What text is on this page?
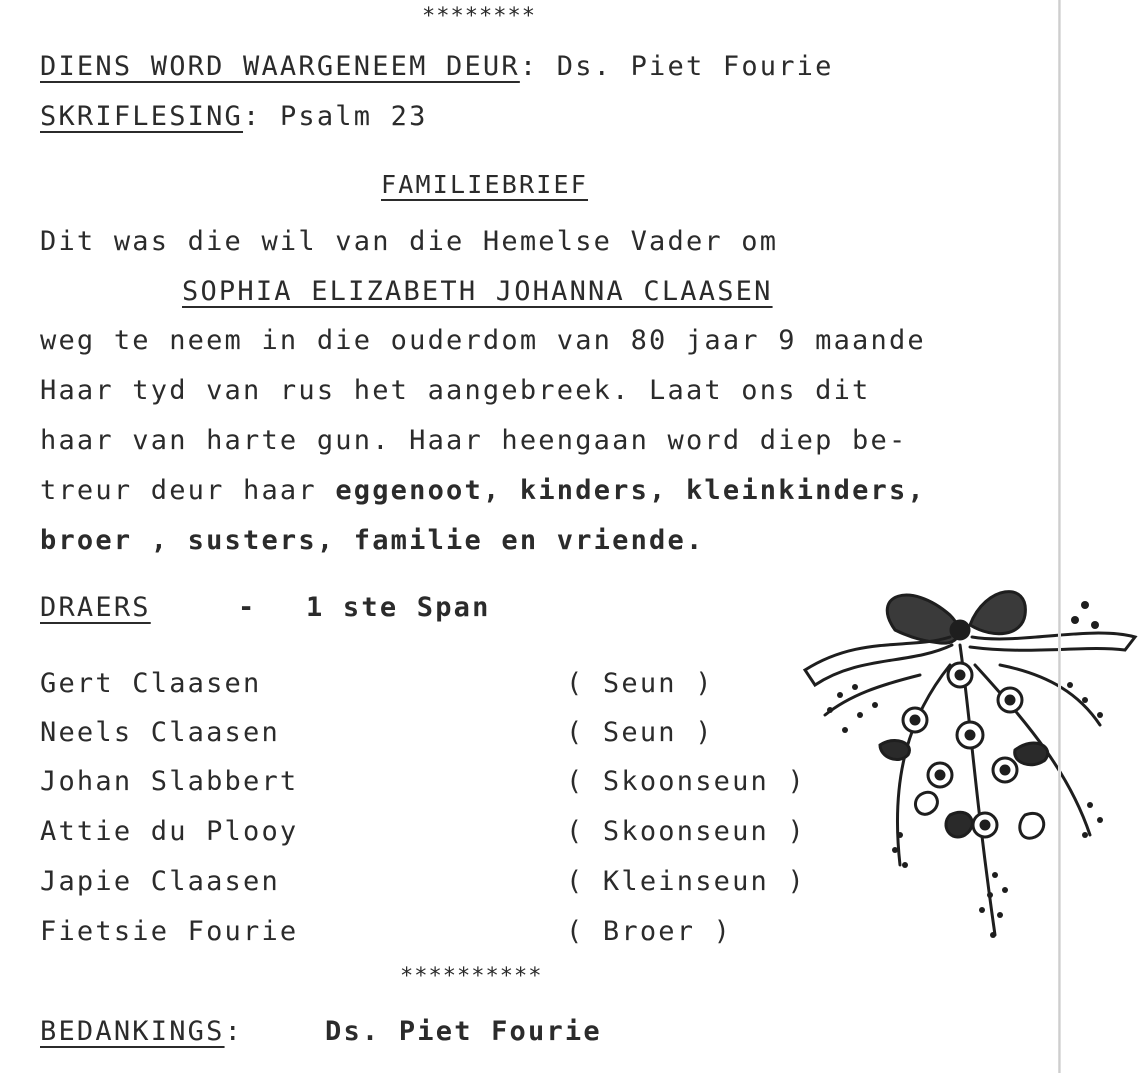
********
DIENS WORD WAARGENEEM DEUR: Ds. Piet Fourie
SKRIFLESING: Psalm 23
FAMILIEBRIEF
Dit was die wil van die Hemelse Vader om
SOPHIA ELIZABETH JOHANNA CLAASEN
weg te neem in die ouderdom van 80 jaar 9 maande
Haar tyd van rus het aangebreek. Laat ons dit
haar van harte gun. Haar heengaan word diep be-
treur deur haar eggenoot, kinders, kleinkinders,
broer , susters, familie en vriende.
DRAERS	- 1 ste Span
Gert Claasen	( Seun )
Neels Claasen	( Seun )
Johan Slabbert	( Skoonseun )
Attie du Plooy	( Skoonseun )
Japie Claasen	( Kleinseun )
Fietsie Fourie	( Broer )
**********
BEDANKINGS:	Ds. Piet Fourie
